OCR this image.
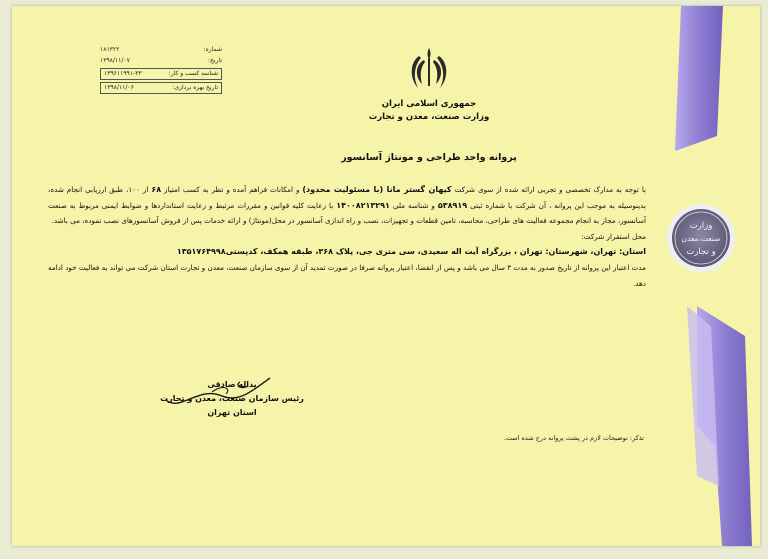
شماره:
۱۸۱۳۲۲
تاریخ:
۱۳۹۸/۱۱/۰۷
شناسه کسب و کار:
۱۳۹۶۱۱۹۹۱-۳۳
تاریخ بهره برداری:
۱۳۹۸/۱۱/۰۶
جمهوری اسلامی ایران
وزارت صنعت، معدن و تجارت
پروانه واحد طراحی و مونتاژ آسانسور

با توجه به مدارک تخصصی و تجربی ارائه شده از سوی شرکت کیهان گستر مانا (با مسئولیت محدود) و امکانات فراهم آمده و تظر به کسب امتیاز ۶۸ از ۱۰۰، طبق ارزیابی انجام شده، بدینوسیله به موجب این پروانه ، آن شرکت با شماره ثبتی ۵۳۸۹۱۹ و شناسه ملی ۱۴۰۰۸۲۱۳۲۹۱ با رعایت کلیه قوانین و مقررات مرتبط و رعایت استانداردها و ضوابط ایمنی مربوط به صنعت آسانسور، مجاز به انجام مجموعه فعالیت های طراحی، محاسبه، تامین قطعات و تجهیزات، نصب و راه اندازی آسانسور در محل(مونتاژ) و ارائه خدمات پس از فروش آسانسورهای نصب نموده، می باشد.

محل استقرار شرکت:

استان: تهران، شهرستان: تهران ، بزرگراه آیت اله سعیدی، سی متری جی، پلاک ۳۶۸، طبقه همکف، کدپستی۱۳۵۱۷۶۴۹۹۸

مدت اعتبار این پروانه از تاریخ صدور به مدت ۳ سال می باشد و پس از انقضا، اعتبار پروانه صرفا در صورت تمدید آن از سوی سازمان صنعت، معدن و تجارت استان شرکت می تواند به فعالیت خود ادامه دهد.

یداله صادقی
رئیس سازمان صنعت، معدن و تجارت استان تهران
تذکر: توضیحات لازم در پشت پروانه درج شده است.
وزارت
صنعت،معدن
و تجارت
